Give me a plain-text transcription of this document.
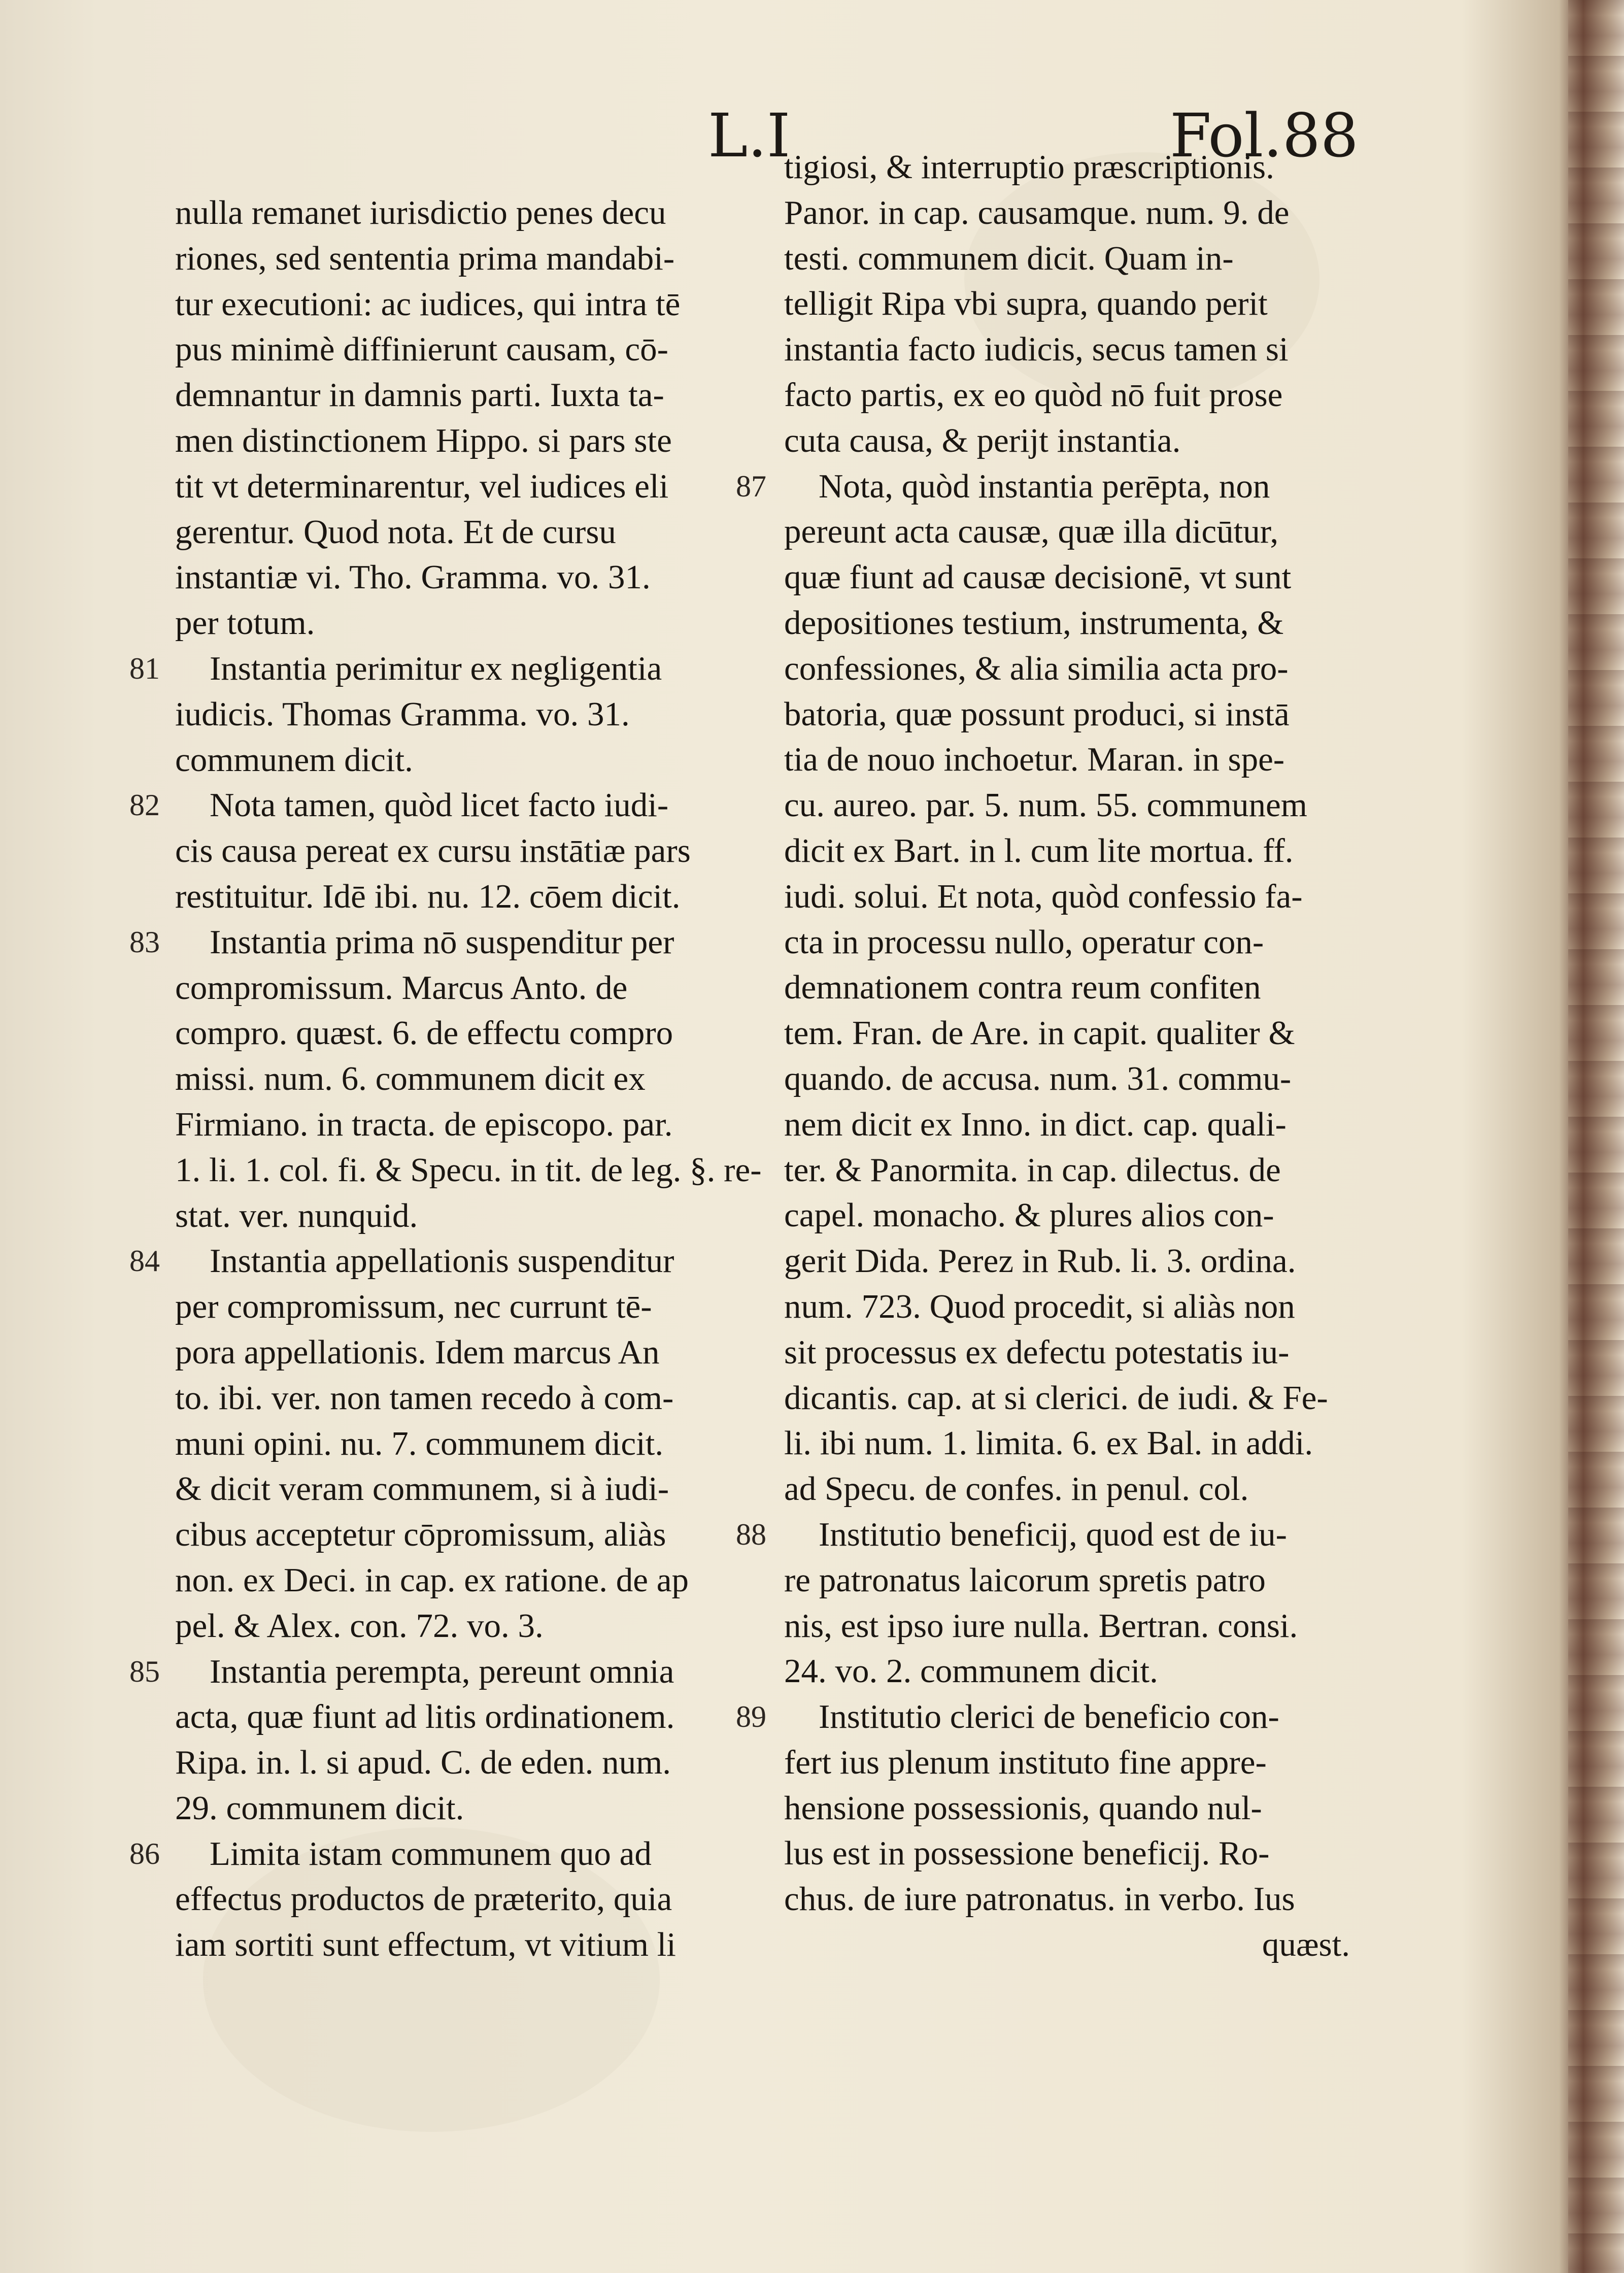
L.I	Fol.88
nulla remanet iurisdictio penes decu
riones, sed sententia prima mandabi-
tur executioni: ac iudices, qui intra tē
pus minimè diffinierunt causam, cō-
demnantur in damnis parti. Iuxta ta-
men distinctionem Hippo. si pars ste
tit vt determinarentur, vel iudices eli
gerentur. Quod nota. Et de cursu
instantiæ vi. Tho. Gramma. vo. 31.
per totum.
81 Instantia perimitur ex negligentia
iudicis. Thomas Gramma. vo. 31.
communem dicit.
82 Nota tamen, quòd licet facto iudi-
cis causa pereat ex cursu instātiæ pars
restituitur. Idē ibi. nu. 12. cōem dicit.
83 Instantia prima nō suspenditur per
compromissum. Marcus Anto. de
compro. quæst. 6. de effectu compro
missi. num. 6. communem dicit ex
Firmiano. in tracta. de episcopo. par.
1. li. 1. col. fi. & Specu. in tit. de leg. §. re-
stat. ver. nunquid.
84 Instantia appellationis suspenditur
per compromissum, nec currunt tē-
pora appellationis. Idem marcus An
to. ibi. ver. non tamen recedo à com-
muni opini. nu. 7. communem dicit.
& dicit veram communem, si à iudi-
cibus acceptetur cōpromissum, aliàs
non. ex Deci. in cap. ex ratione. de ap
pel. & Alex. con. 72. vo. 3.
85 Instantia perempta, pereunt omnia
acta, quæ fiunt ad litis ordinationem.
Ripa. in. l. si apud. C. de eden. num.
29. communem dicit.
86 Limita istam communem quo ad
effectus productos de præterito, quia
iam sortiti sunt effectum, vt vitium li
tigiosi, & interruptio præscriptionis.
Panor. in cap. causamque. num. 9. de
testi. communem dicit. Quam in-
telligit Ripa vbi supra, quando perit
instantia facto iudicis, secus tamen si
facto partis, ex eo quòd nō fuit prose
cuta causa, & perijt instantia.
87 Nota, quòd instantia perēpta, non
pereunt acta causæ, quæ illa dicūtur,
quæ fiunt ad causæ decisionē, vt sunt
depositiones testium, instrumenta, &
confessiones, & alia similia acta pro-
batoria, quæ possunt produci, si instā
tia de nouo inchoetur. Maran. in spe-
cu. aureo. par. 5. num. 55. communem
dicit ex Bart. in l. cum lite mortua. ff.
iudi. solui. Et nota, quòd confessio fa-
cta in processu nullo, operatur con-
demnationem contra reum confiten
tem. Fran. de Are. in capit. qualiter &
quando. de accusa. num. 31. commu-
nem dicit ex Inno. in dict. cap. quali-
ter. & Panormita. in cap. dilectus. de
capel. monacho. & plures alios con-
gerit Dida. Perez in Rub. li. 3. ordina.
num. 723. Quod procedit, si aliàs non
sit processus ex defectu potestatis iu-
dicantis. cap. at si clerici. de iudi. & Fe-
li. ibi num. 1. limita. 6. ex Bal. in addi.
ad Specu. de confes. in penul. col.
88 Institutio beneficij, quod est de iu-
re patronatus laicorum spretis patro
nis, est ipso iure nulla. Bertran. consi.
24. vo. 2. communem dicit.
89 Institutio clerici de beneficio con-
fert ius plenum instituto fine appre-
hensione possessionis, quando nul-
lus est in possessione beneficij. Ro-
chus. de iure patronatus. in verbo. Ius
quæst.
